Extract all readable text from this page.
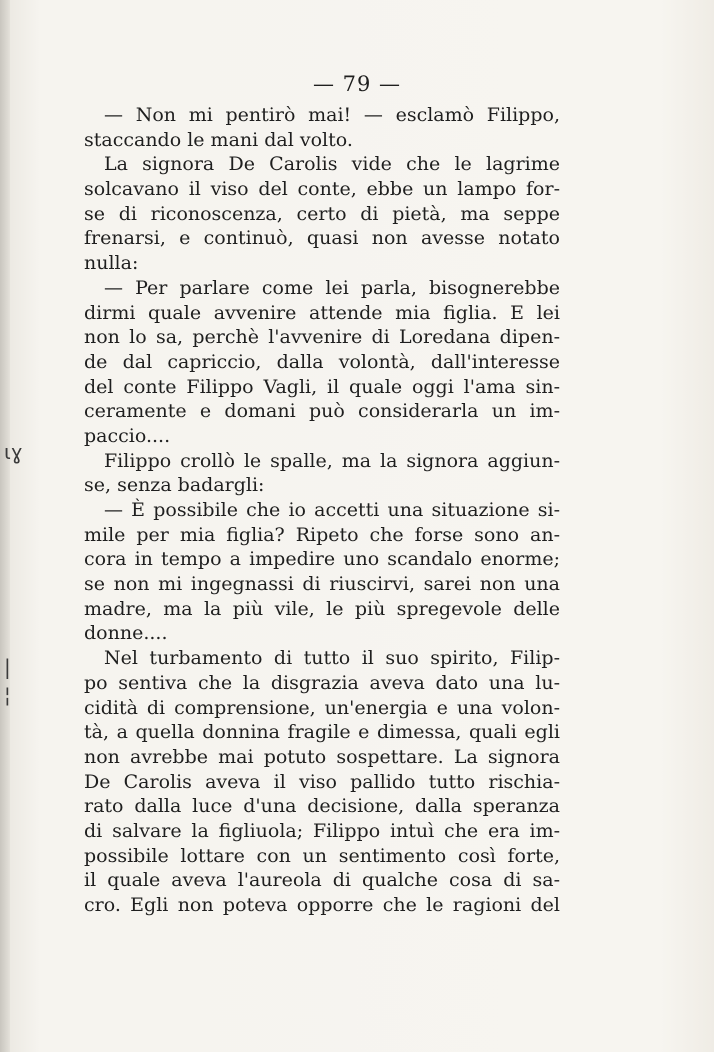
— 79 —
ɩɣ
|
¦
— Non mi pentirò mai! — esclamò Filippo,
staccando le mani dal volto.
La signora De Carolis vide che le lagrime
solcavano il viso del conte, ebbe un lampo for-
se di riconoscenza, certo di pietà, ma seppe
frenarsi, e continuò, quasi non avesse notato
nulla:
— Per parlare come lei parla, bisognerebbe
dirmi quale avvenire attende mia figlia. E lei
non lo sa, perchè l'avvenire di Loredana dipen-
de dal capriccio, dalla volontà, dall'interesse
del conte Filippo Vagli, il quale oggi l'ama sin-
ceramente e domani può considerarla un im-
paccio....
Filippo crollò le spalle, ma la signora aggiun-
se, senza badargli:
— È possibile che io accetti una situazione si-
mile per mia figlia? Ripeto che forse sono an-
cora in tempo a impedire uno scandalo enorme;
se non mi ingegnassi di riuscirvi, sarei non una
madre, ma la più vile, le più spregevole delle
donne....
Nel turbamento di tutto il suo spirito, Filip-
po sentiva che la disgrazia aveva dato una lu-
cidità di comprensione, un'energia e una volon-
tà, a quella donnina fragile e dimessa, quali egli
non avrebbe mai potuto sospettare. La signora
De Carolis aveva il viso pallido tutto rischia-
rato dalla luce d'una decisione, dalla speranza
di salvare la figliuola; Filippo intuì che era im-
possibile lottare con un sentimento così forte,
il quale aveva l'aureola di qualche cosa di sa-
cro. Egli non poteva opporre che le ragioni del
